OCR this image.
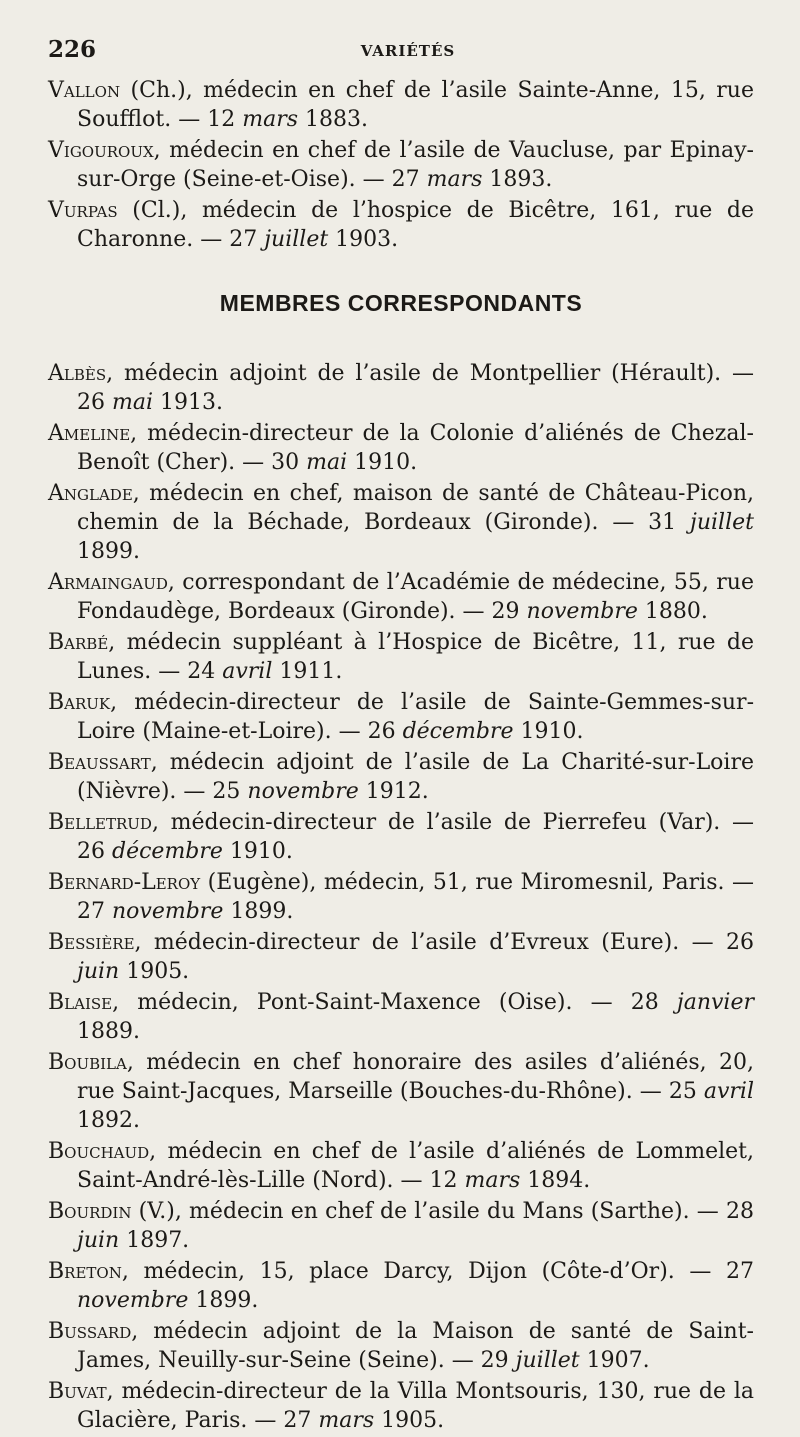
226	VARIÉTÉS
Vallon (Ch.), médecin en chef de l’asile Sainte-Anne, 15, rue Soufflot. — 12 mars 1883.
Vigouroux, médecin en chef de l’asile de Vaucluse, par Epinay-sur-Orge (Seine-et-Oise). — 27 mars 1893.
Vurpas (Cl.), médecin de l’hospice de Bicêtre, 161, rue de Charonne. — 27 juillet 1903.
MEMBRES CORRESPONDANTS
Albès, médecin adjoint de l’asile de Montpellier (Hérault). — 26 mai 1913.
Ameline, médecin-directeur de la Colonie d’aliénés de Chezal-Benoît (Cher). — 30 mai 1910.
Anglade, médecin en chef, maison de santé de Château-Picon, chemin de la Béchade, Bordeaux (Gironde). — 31 juillet 1899.
Armaingaud, correspondant de l’Académie de médecine, 55, rue Fondaudège, Bordeaux (Gironde). — 29 novembre 1880.
Barbé, médecin suppléant à l’Hospice de Bicêtre, 11, rue de Lunes. — 24 avril 1911.
Baruk, médecin-directeur de l’asile de Sainte-Gemmes-sur-Loire (Maine-et-Loire). — 26 décembre 1910.
Beaussart, médecin adjoint de l’asile de La Charité-sur-Loire (Nièvre). — 25 novembre 1912.
Belletrud, médecin-directeur de l’asile de Pierrefeu (Var). — 26 décembre 1910.
Bernard-Leroy (Eugène), médecin, 51, rue Miromesnil, Paris. — 27 novembre 1899.
Bessière, médecin-directeur de l’asile d’Evreux (Eure). — 26 juin 1905.
Blaise, médecin, Pont-Saint-Maxence (Oise). — 28 janvier 1889.
Boubila, médecin en chef honoraire des asiles d’aliénés, 20, rue Saint-Jacques, Marseille (Bouches-du-Rhône). — 25 avril 1892.
Bouchaud, médecin en chef de l’asile d’aliénés de Lommelet, Saint-André-lès-Lille (Nord). — 12 mars 1894.
Bourdin (V.), médecin en chef de l’asile du Mans (Sarthe). — 28 juin 1897.
Breton, médecin, 15, place Darcy, Dijon (Côte-d’Or). — 27 novembre 1899.
Bussard, médecin adjoint de la Maison de santé de Saint-James, Neuilly-sur-Seine (Seine). — 29 juillet 1907.
Buvat, médecin-directeur de la Villa Montsouris, 130, rue de la Glacière, Paris. — 27 mars 1905.
